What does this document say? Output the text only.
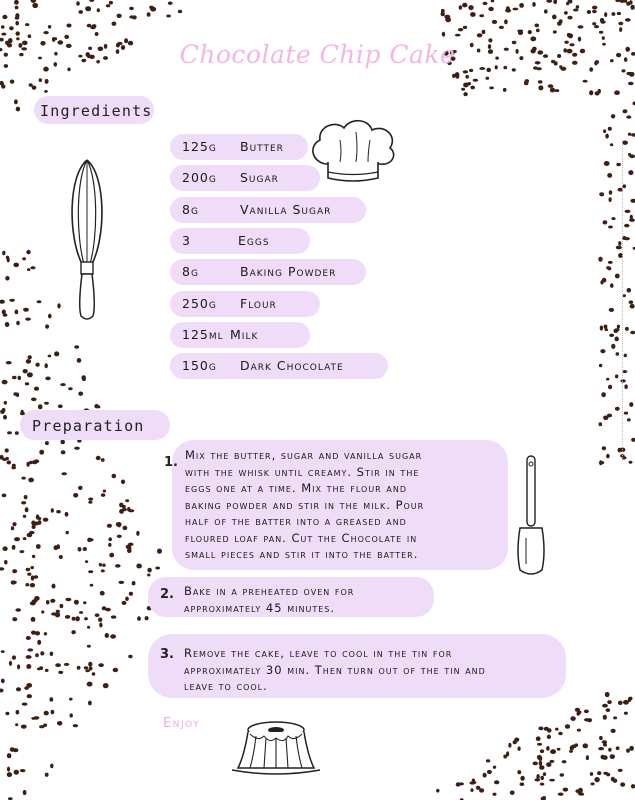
Chocolate Chip Cake
Ingredients
125g Butter
200g Sugar
8g	Vanilla Sugar
3	Eggs
8g	Baking Powder
250g Flour
125ml Milk
150g Dark Chocolate
Preparation
1. Mix the butter, sugar and vanilla sugar
with the whisk until creamy. Stir in the
eggs one at a time. Mix the flour and
baking powder and stir in the milk. Pour
half of the batter into a greased and
floured loaf pan. Cut the Chocolate in
small pieces and stir it into the batter.
2. Bake in a preheated oven for
approximately 45 minutes.
3. Remove the cake, leave to cool in the tin for
approximately 30 min. Then turn out of the tin and
leave to cool.
Enjoy
